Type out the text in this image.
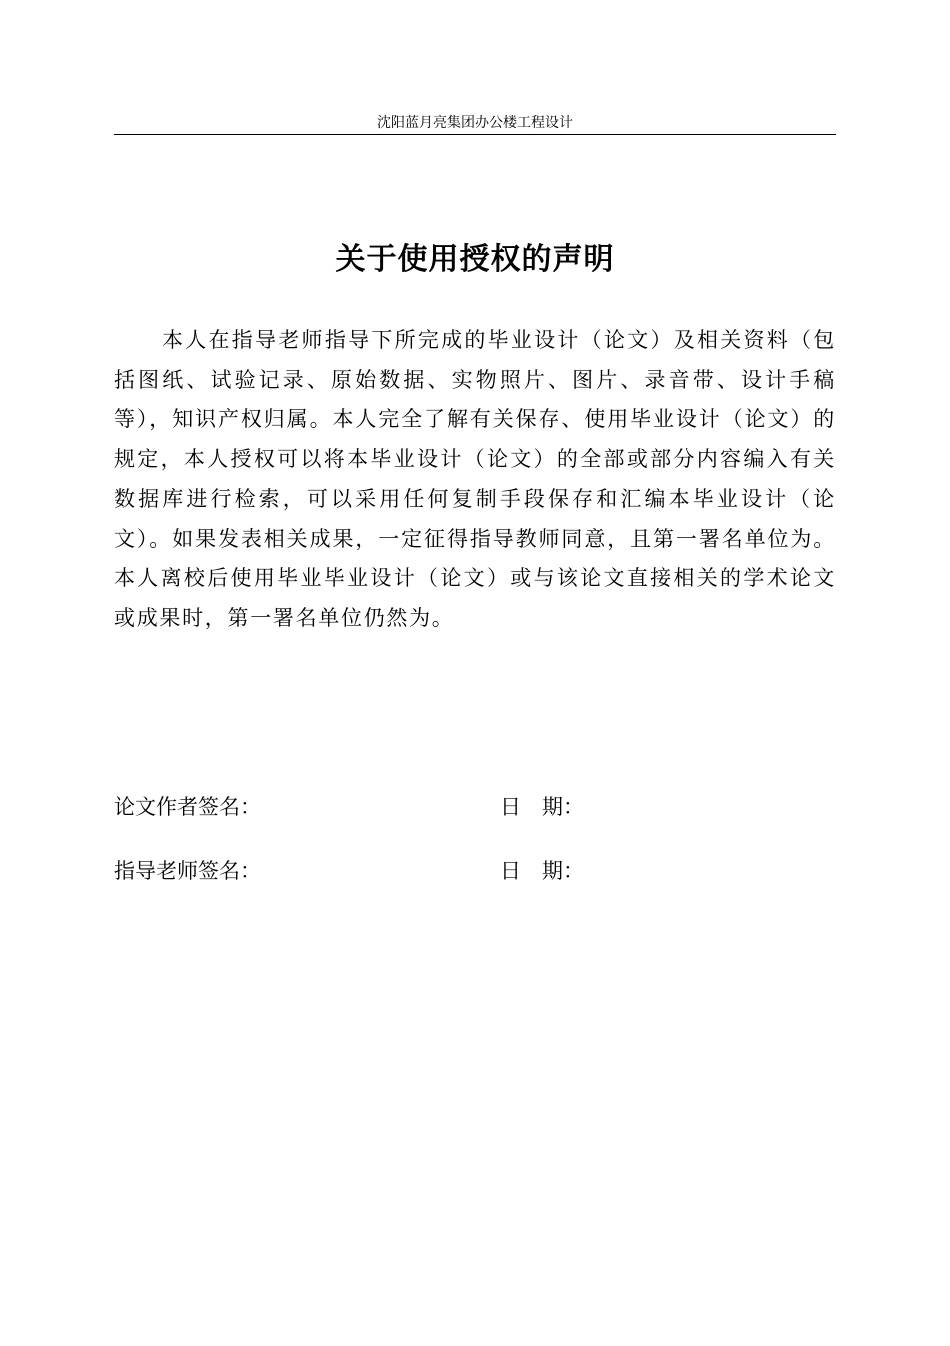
沈阳蓝月亮集团办公楼工程设计
关于使用授权的声明

本人在指导老师指导下所完成的毕业设计（论文）及相关资料（包括图纸、试验记录、原始数据、实物照片、图片、录音带、设计手稿等），知识产权归属。本人完全了解有关保存、使用毕业设计（论文）的规定，本人授权可以将本毕业设计（论文）的全部或部分内容编入有关数据库进行检索，可以采用任何复制手段保存和汇编本毕业设计（论文）。如果发表相关成果，一定征得指导教师同意，且第一署名单位为。本人离校后使用毕业毕业设计（论文）或与该论文直接相关的学术论文或成果时，第一署名单位仍然为。

论文作者签名：	日　期：
指导老师签名：	日　期：
